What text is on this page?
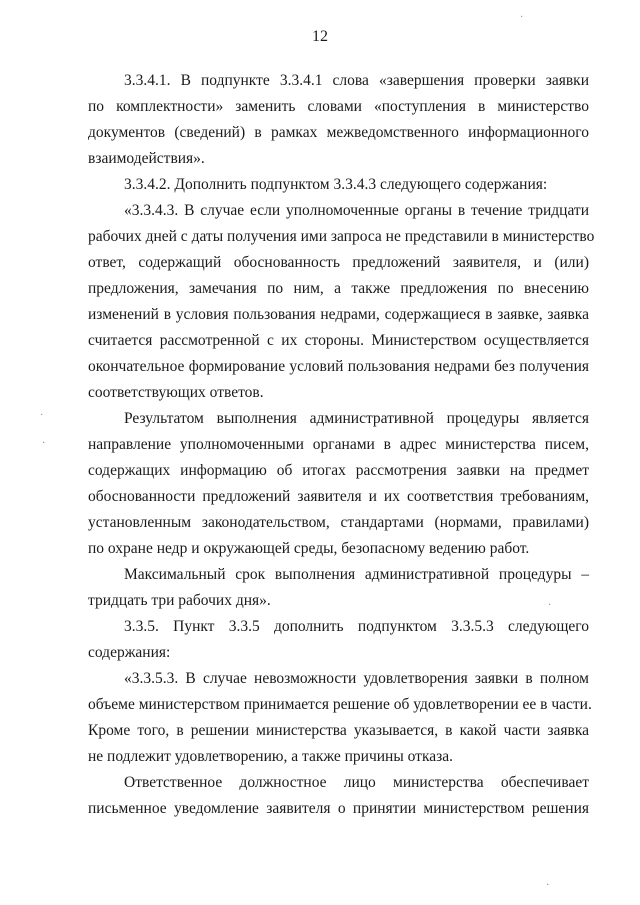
12
3.3.4.1. В подпункте 3.3.4.1 слова «завершения проверки заявки
по комплектности» заменить словами «поступления в министерство
документов (сведений) в рамках межведомственного информационного
взаимодействия».
3.3.4.2. Дополнить подпунктом 3.3.4.3 следующего содержания:
«3.3.4.3. В случае если уполномоченные органы в течение тридцати
рабочих дней с даты получения ими запроса не представили в министерство
ответ, содержащий обоснованность предложений заявителя, и (или)
предложения, замечания по ним, а также предложения по внесению
изменений в условия пользования недрами, содержащиеся в заявке, заявка
считается рассмотренной с их стороны. Министерством осуществляется
окончательное формирование условий пользования недрами без получения
соответствующих ответов.
Результатом выполнения административной процедуры является
направление уполномоченными органами в адрес министерства писем,
содержащих информацию об итогах рассмотрения заявки на предмет
обоснованности предложений заявителя и их соответствия требованиям,
установленным законодательством, стандартами (нормами, правилами)
по охране недр и окружающей среды, безопасному ведению работ.
Максимальный срок выполнения административной процедуры –
тридцать три рабочих дня».
3.3.5. Пункт 3.3.5 дополнить подпунктом 3.3.5.3 следующего
содержания:
«3.3.5.3. В случае невозможности удовлетворения заявки в полном
объеме министерством принимается решение об удовлетворении ее в части.
Кроме того, в решении министерства указывается, в какой части заявка
не подлежит удовлетворению, а также причины отказа.
Ответственное должностное лицо министерства обеспечивает
письменное уведомление заявителя о принятии министерством решения
·
·
·
·
·
